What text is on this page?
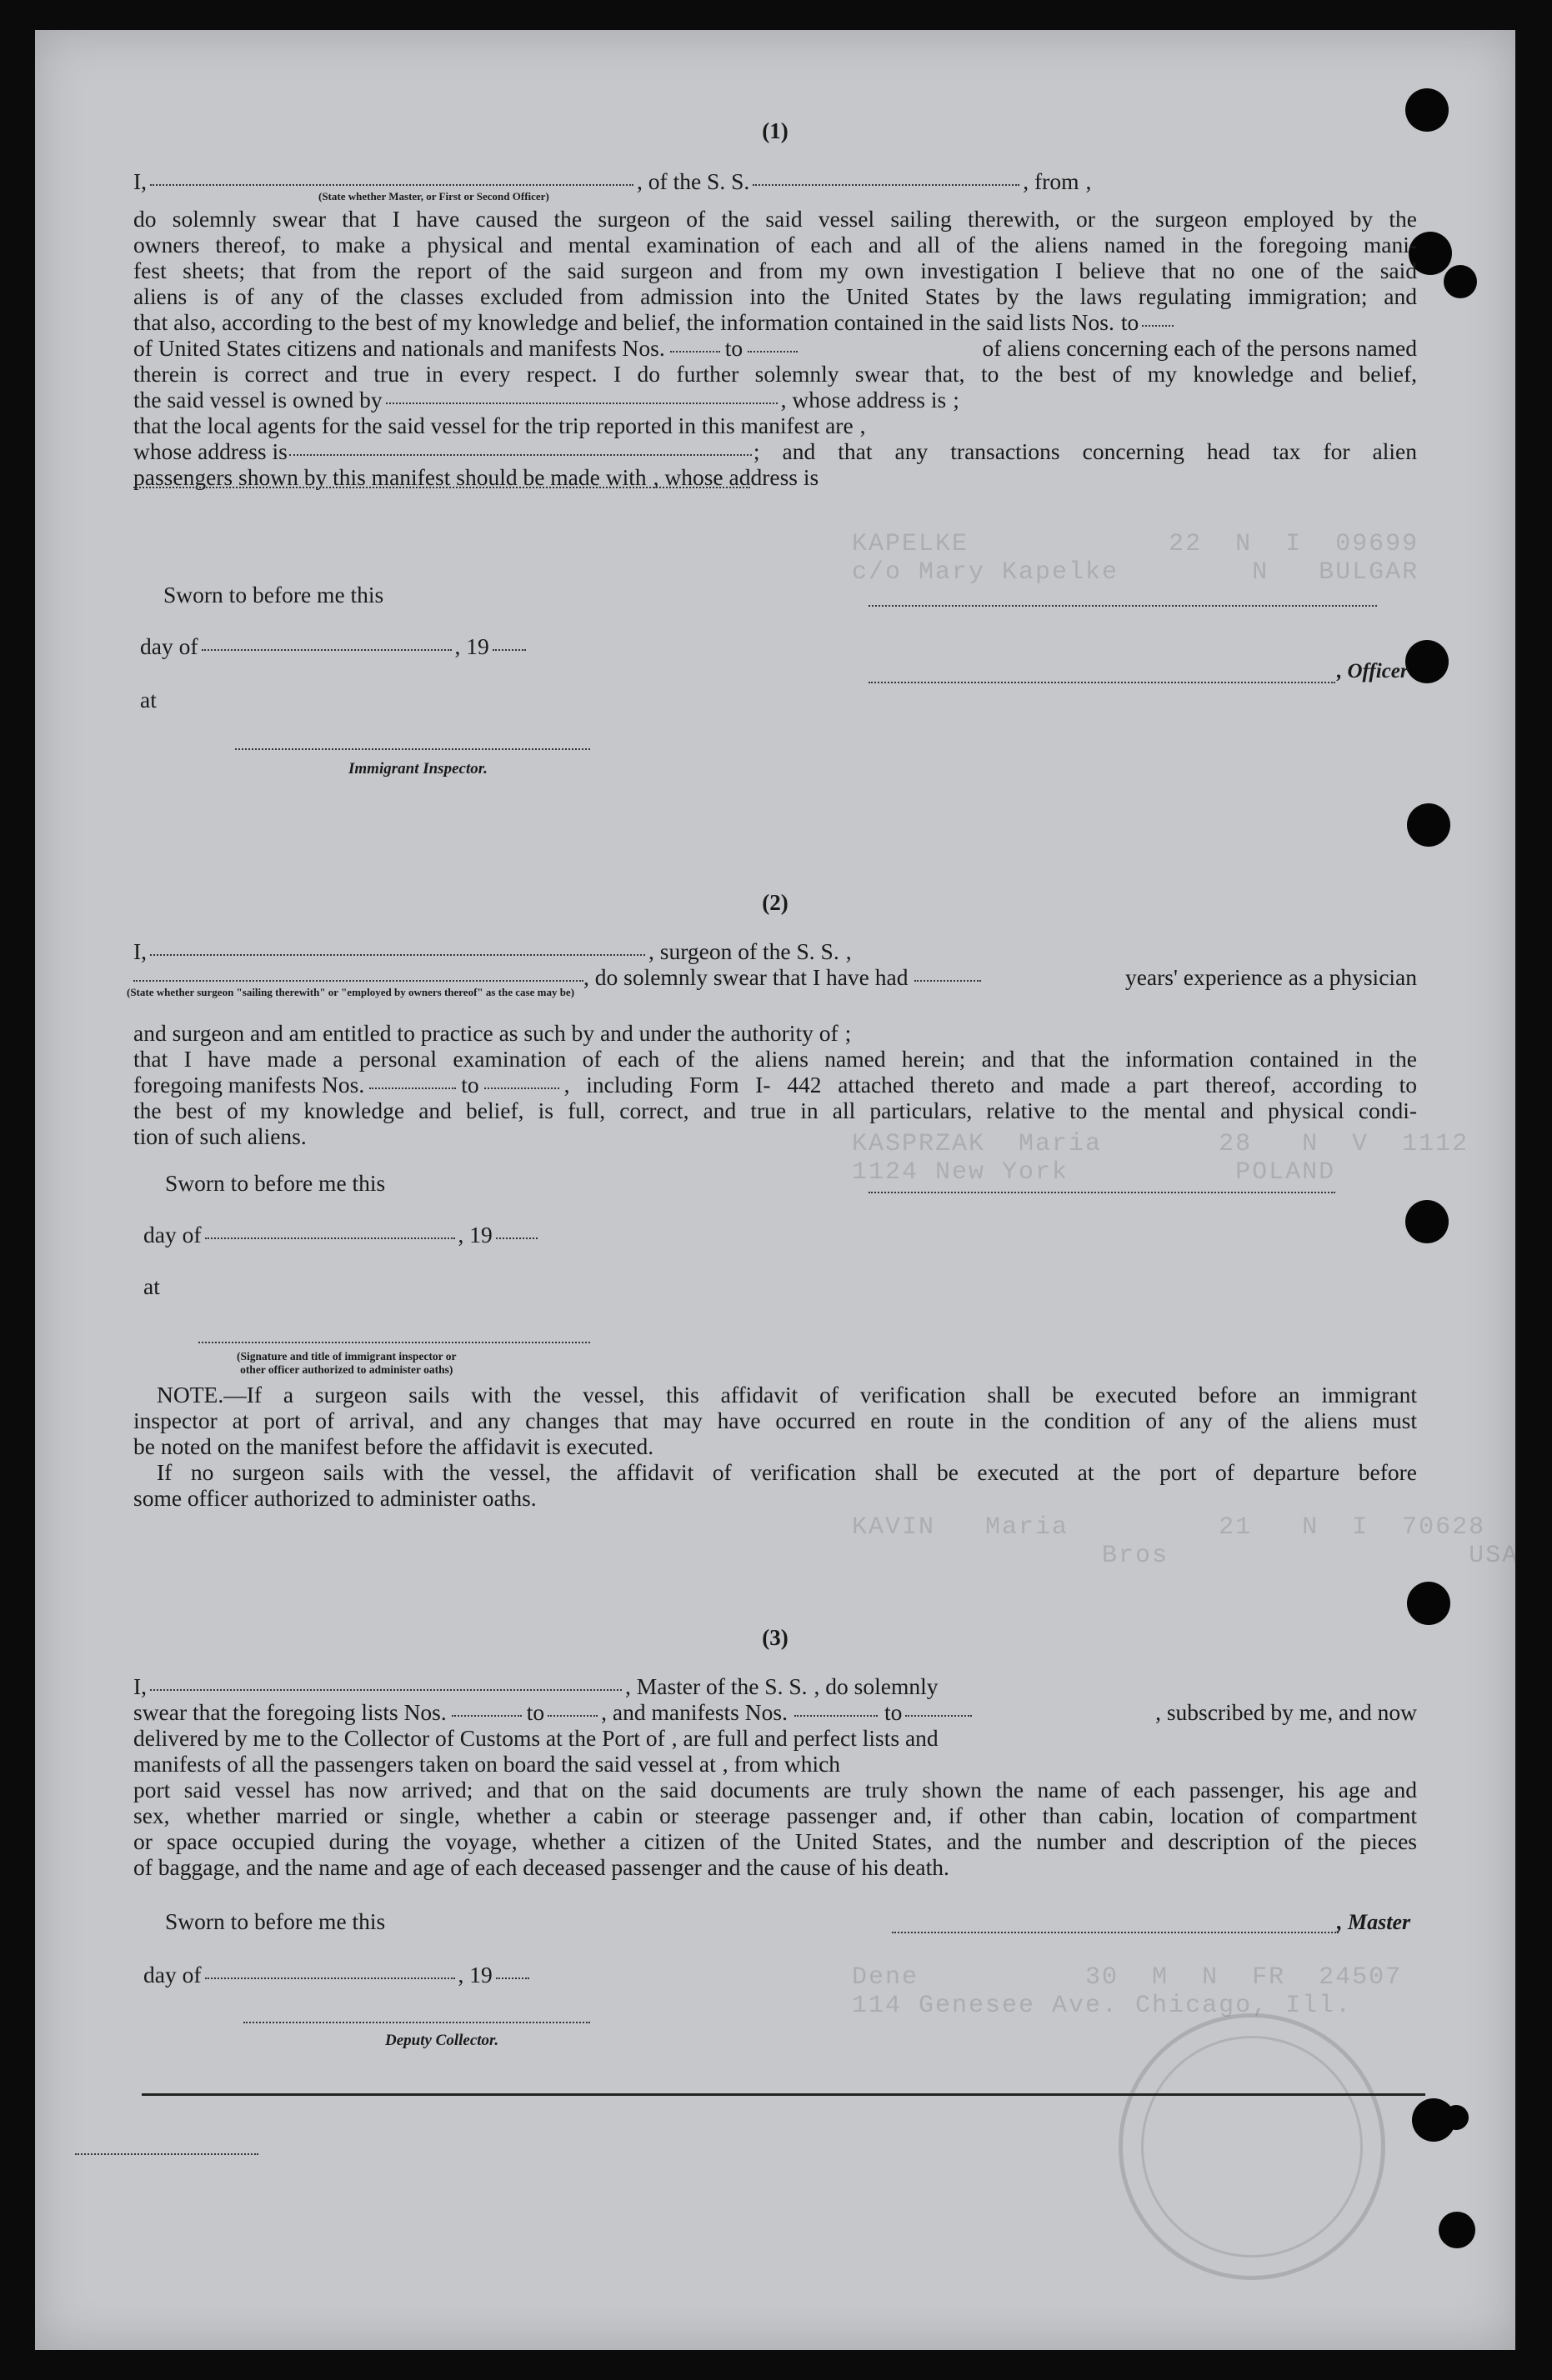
KAPELKE            22  N  I  09699
c/o Mary Kapelke        N   BULGAR
KASPRZAK  Maria       28   N  V  1112
1124 New York          POLAND
KAVIN   Maria         21   N  I  70628
Bros                  USA
Dene          30  M  N  FR  24507
114 Genesee Ave. Chicago, Ill.
(1)
I,	, of the S. S.	, from ,
(State whether Master, or First or Second Officer)
do solemnly swear that I have caused the surgeon of the said vessel sailing therewith, or the surgeon employed by the
owners thereof, to make a physical and mental examination of each and all of the aliens named in the foregoing mani-
fest sheets; that from the report of the said surgeon and from my own investigation I believe that no one of the said
aliens is of any of the classes excluded from admission into the United States by the laws regulating immigration; and
that also, according to the best of my knowledge and belief, the information contained in the said lists Nos. to
of United States citizens and nationals and manifests Nos.	to	of aliens concerning each of the persons named
therein is correct and true in every respect. I do further solemnly swear that, to the best of my knowledge and belief,
the said vessel is owned by	, whose address is ;
that the local agents for the said vessel for the trip reported in this manifest are ,
whose address is	; and that any transactions concerning head tax for alien
passengers shown by this manifest should be made with , whose address is
Sworn to before me this
day of	, 19
, Officer
at
Immigrant Inspector.
(2)
I,	, surgeon of the S. S. ,
, do solemnly swear that I have had	years' experience as a physician
(State whether surgeon "sailing therewith" or "employed by owners thereof" as the case may be)
and surgeon and am entitled to practice as such by and under the authority of ;
that I have made a personal examination of each of the aliens named herein; and that the information contained in the
foregoing manifests Nos.	to	, including Form I- 442 attached thereto and made a part thereof, according to
the best of my knowledge and belief, is full, correct, and true in all particulars, relative to the mental and physical condi-
tion of such aliens.
Sworn to before me this
day of	, 19
at
(Signature and title of immigrant inspector or
other officer authorized to administer oaths)
NOTE.—If a surgeon sails with the vessel, this affidavit of verification shall be executed before an immigrant
inspector at port of arrival, and any changes that may have occurred en route in the condition of any of the aliens must
be noted on the manifest before the affidavit is executed.
If no surgeon sails with the vessel, the affidavit of verification shall be executed at the port of departure before
some officer authorized to administer oaths.
(3)
I,	, Master of the S. S. , do solemnly
swear that the foregoing lists Nos.	to , and manifests Nos.	to	, subscribed by me, and now
delivered by me to the Collector of Customs at the Port of , are full and perfect lists and
manifests of all the passengers taken on board the said vessel at , from which
port said vessel has now arrived; and that on the said documents are truly shown the name of each passenger, his age and
sex, whether married or single, whether a cabin or steerage passenger and, if other than cabin, location of compartment
or space occupied during the voyage, whether a citizen of the United States, and the number and description of the pieces
of baggage, and the name and age of each deceased passenger and the cause of his death.
Sworn to before me this	, Master
day of	, 19
Deputy Collector.
